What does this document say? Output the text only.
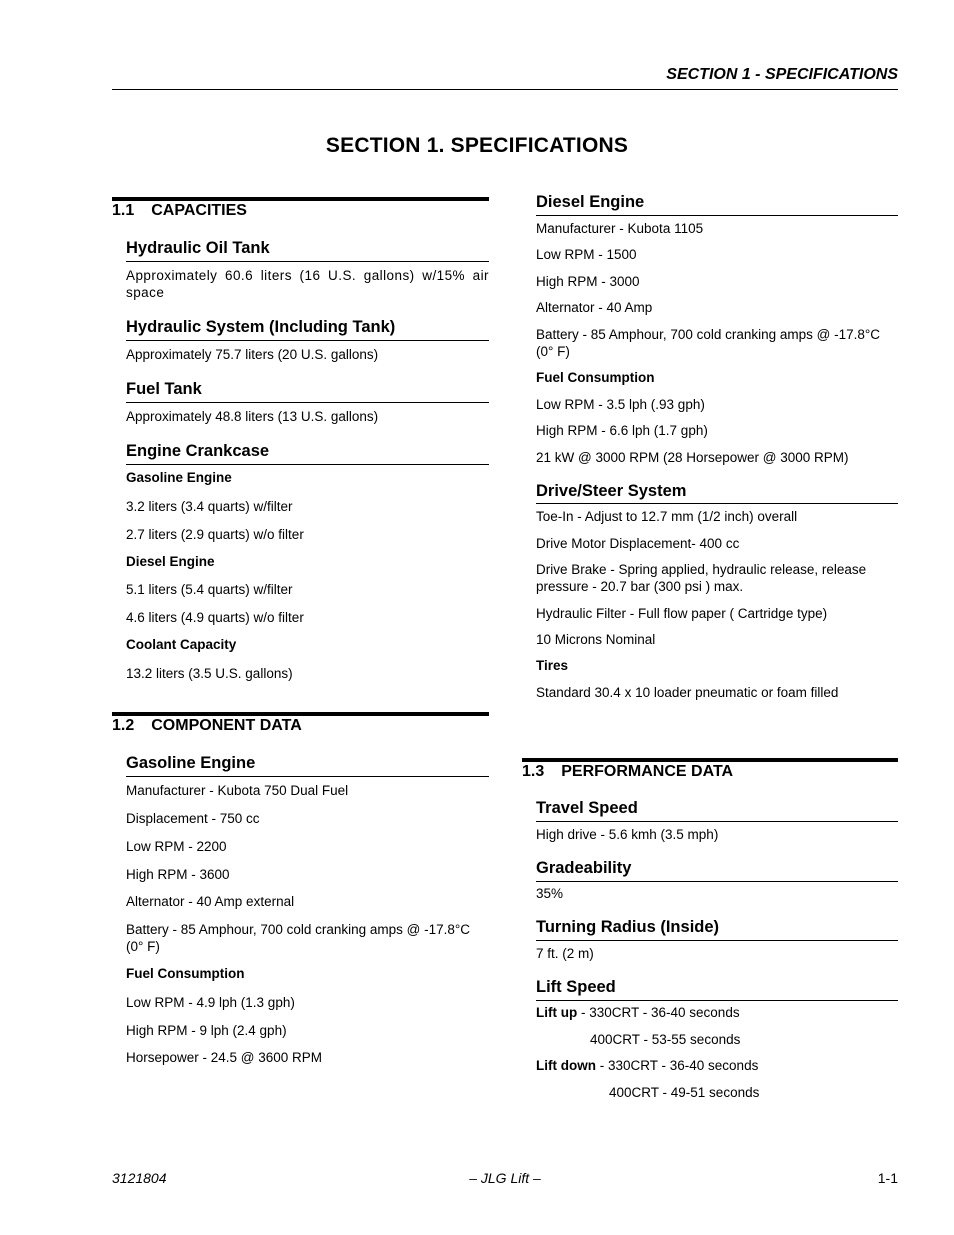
SECTION 1 - SPECIFICATIONS
SECTION 1. SPECIFICATIONS
1.1 CAPACITIES
Hydraulic Oil Tank
Approximately 60.6 liters (16 U.S. gallons) w/15% air space
Hydraulic System (Including Tank)
Approximately 75.7 liters (20 U.S. gallons)
Fuel Tank
Approximately 48.8 liters (13 U.S. gallons)
Engine Crankcase
Gasoline Engine
3.2 liters (3.4 quarts) w/filter
2.7 liters (2.9 quarts) w/o filter
Diesel Engine
5.1 liters (5.4 quarts) w/filter
4.6 liters (4.9 quarts) w/o filter
Coolant Capacity
13.2 liters (3.5 U.S. gallons)
1.2 COMPONENT DATA
Gasoline Engine
Manufacturer - Kubota 750 Dual Fuel
Displacement - 750 cc
Low RPM - 2200
High RPM - 3600
Alternator - 40 Amp external
Battery - 85 Amphour, 700 cold cranking amps @ -17.8°C (0° F)
Fuel Consumption
Low RPM - 4.9 lph (1.3 gph)
High RPM - 9 lph (2.4 gph)
Horsepower - 24.5 @ 3600 RPM
Diesel Engine
Manufacturer - Kubota 1105
Low RPM - 1500
High RPM - 3000
Alternator - 40 Amp
Battery - 85 Amphour, 700 cold cranking amps @ -17.8°C (0° F)
Fuel Consumption
Low RPM - 3.5 lph (.93 gph)
High RPM - 6.6 lph (1.7 gph)
21 kW @ 3000 RPM (28 Horsepower @ 3000 RPM)
Drive/Steer System
Toe-In - Adjust to 12.7 mm (1/2 inch) overall
Drive Motor Displacement- 400 cc
Drive Brake - Spring applied, hydraulic release, release pressure - 20.7 bar (300 psi ) max.
Hydraulic Filter - Full flow paper ( Cartridge type)
10 Microns Nominal
Tires
Standard 30.4 x 10 loader pneumatic or foam filled
1.3 PERFORMANCE DATA
Travel Speed
High drive - 5.6 kmh (3.5 mph)
Gradeability
35%
Turning Radius (Inside)
7 ft. (2 m)
Lift Speed
Lift up - 330CRT - 36-40 seconds
400CRT - 53-55 seconds
Lift down - 330CRT - 36-40 seconds
400CRT - 49-51 seconds
3121804	– JLG Lift –	1-1
